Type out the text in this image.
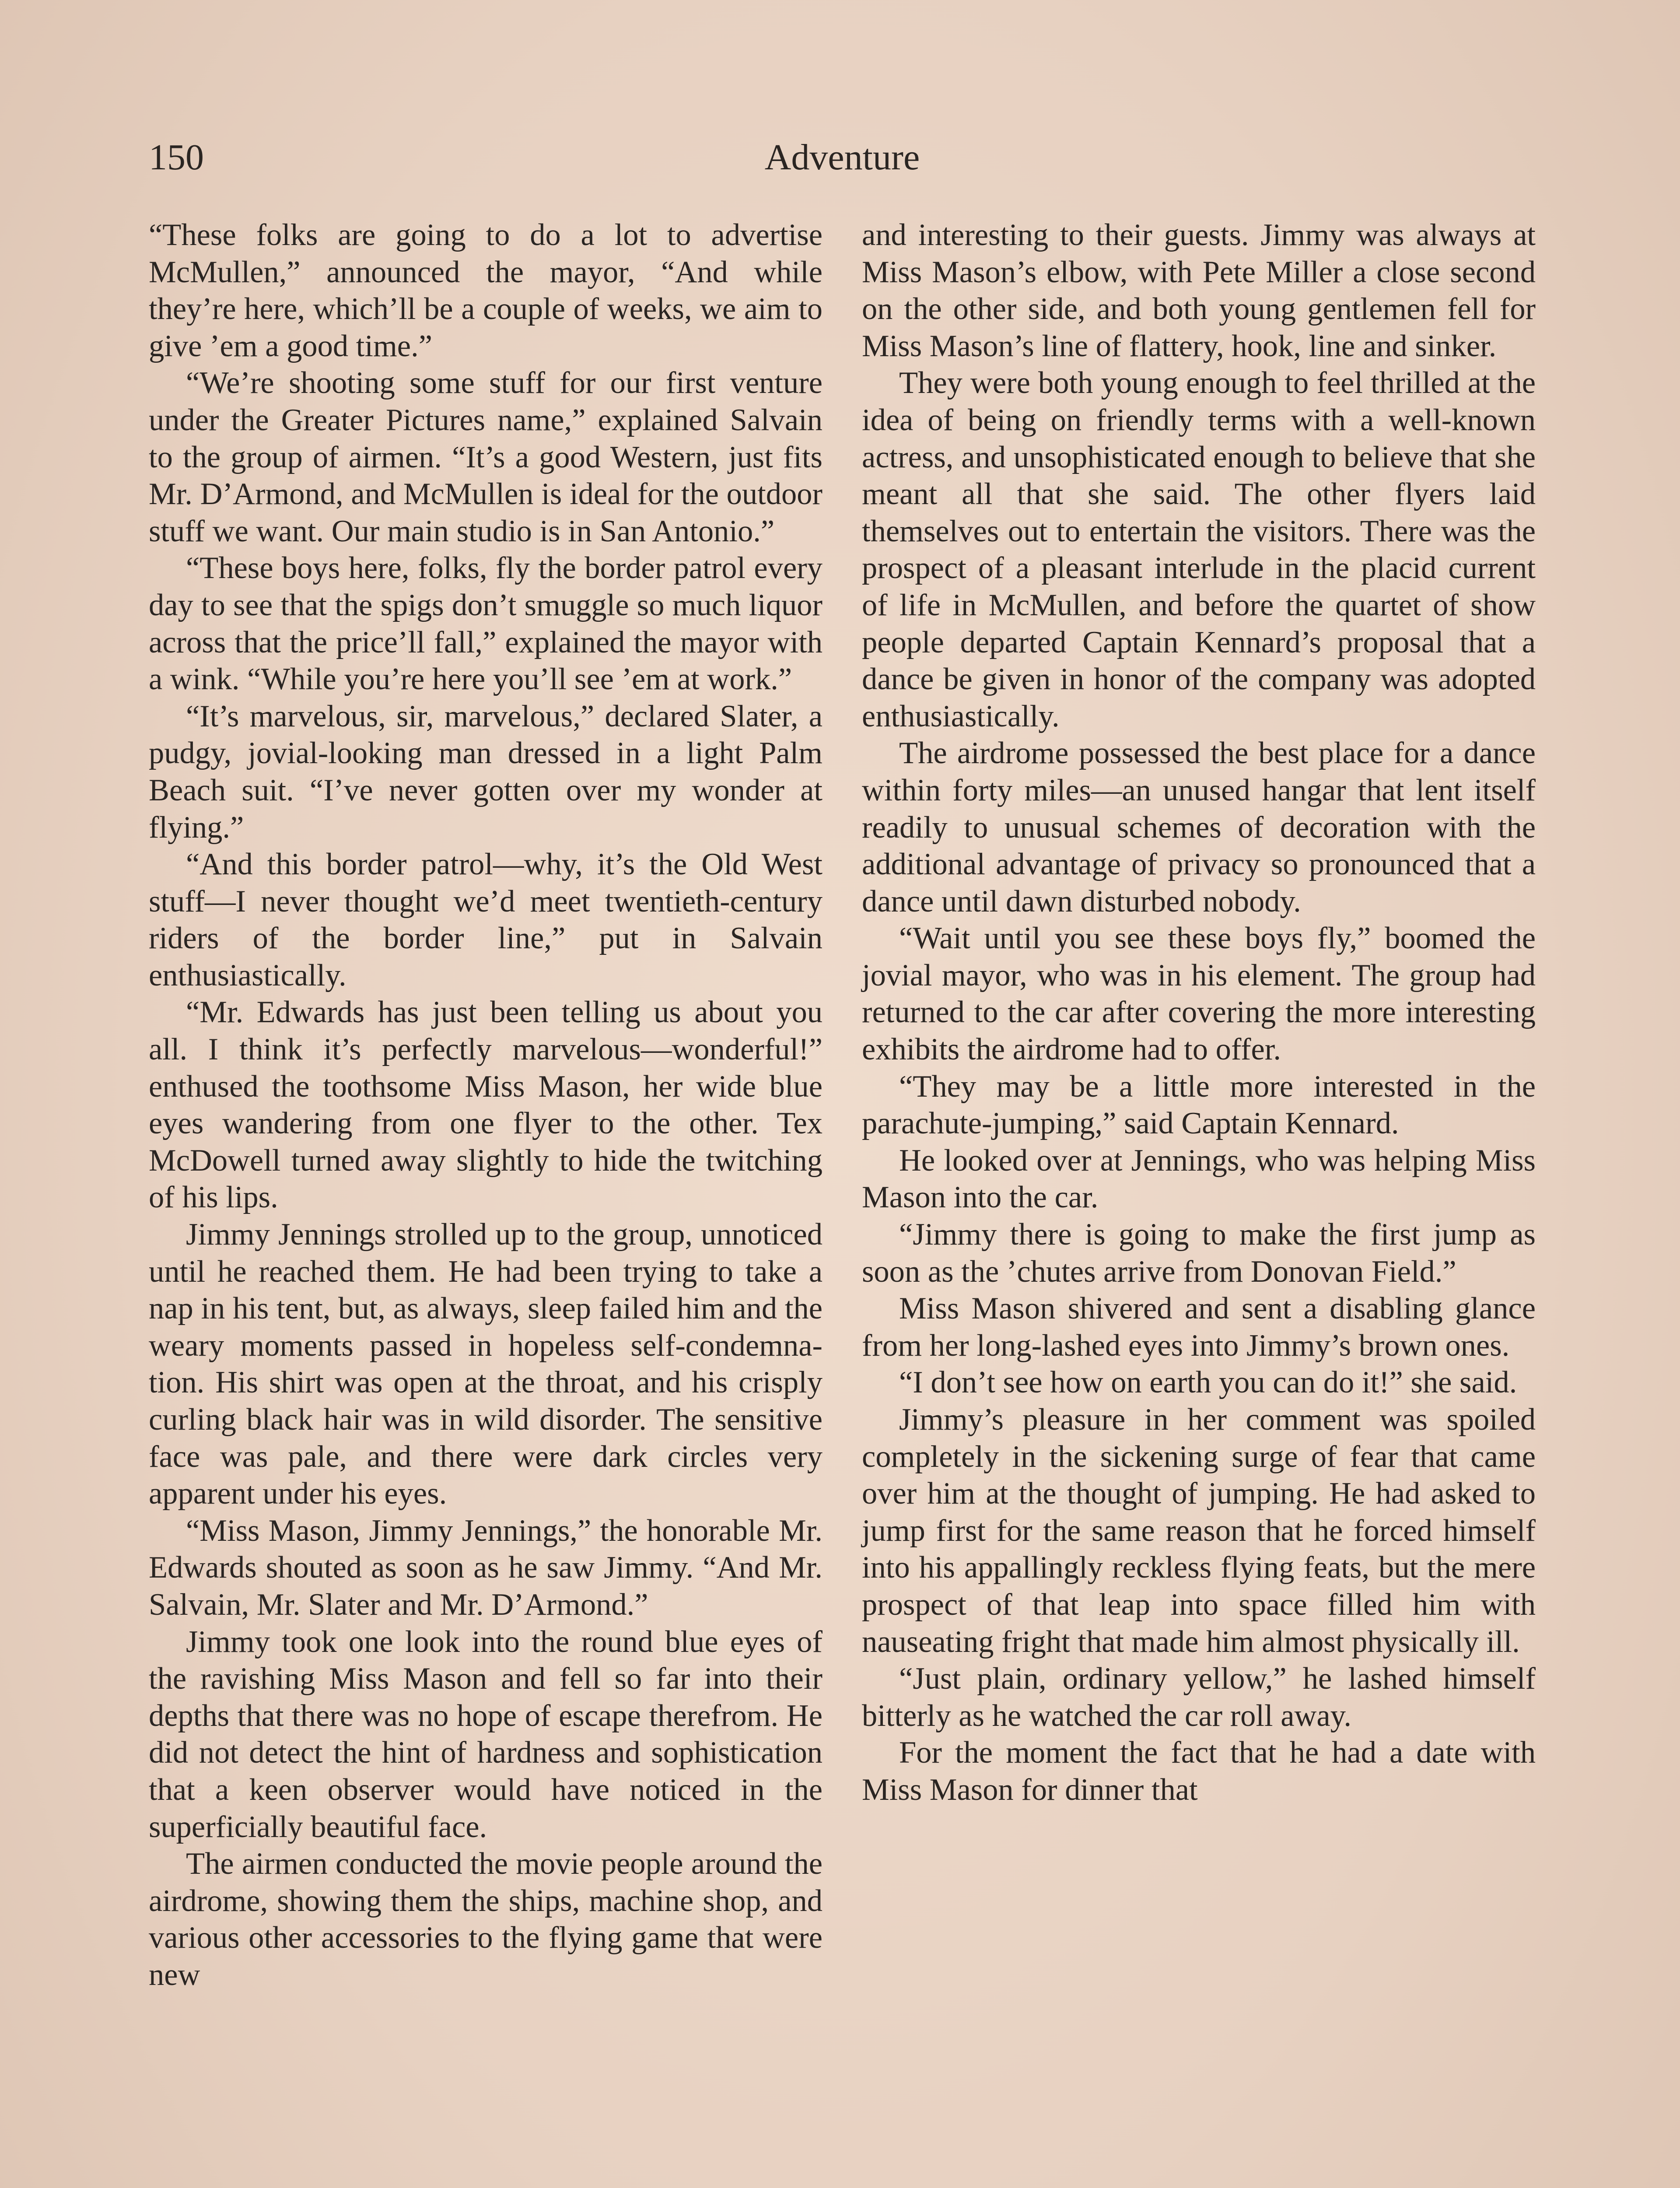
150	Adventure

“These folks are going to do a lot to advertise McMullen,” announced the mayor, “And while they’re here, which’ll be a couple of weeks, we aim to give ’em a good time.”

“We’re shooting some stuff for our first venture under the Greater Pictures name,” explained Salvain to the group of airmen. “It’s a good Western, just fits Mr. D’Armond, and McMullen is ideal for the outdoor stuff we want. Our main studio is in San Antonio.”

“These boys here, folks, fly the border patrol every day to see that the spigs don’t smuggle so much liquor across that the price’ll fall,” explained the mayor with a wink. “While you’re here you’ll see ’em at work.”

“It’s marvelous, sir, marvelous,” declared Slater, a pudgy, jovial-looking man dressed in a light Palm Beach suit. “I’ve never gotten over my wonder at flying.”

“And this border patrol—why, it’s the Old West stuff—I never thought we’d meet twentieth-century riders of the border line,” put in Salvain enthusiastically.

“Mr. Edwards has just been telling us about you all. I think it’s perfectly marvelous—wonderful!” enthused the toothsome Miss Mason, her wide blue eyes wandering from one flyer to the other. Tex McDowell turned away slightly to hide the twitching of his lips.

Jimmy Jennings strolled up to the group, unnoticed until he reached them. He had been trying to take a nap in his tent, but, as always, sleep failed him and the weary moments passed in hopeless self-condemnation. His shirt was open at the throat, and his crisply curling black hair was in wild disorder. The sensitive face was pale, and there were dark circles very apparent under his eyes.

“Miss Mason, Jimmy Jennings,” the honorable Mr. Edwards shouted as soon as he saw Jimmy. “And Mr. Salvain, Mr. Slater and Mr. D’Armond.”

Jimmy took one look into the round blue eyes of the ravishing Miss Mason and fell so far into their depths that there was no hope of escape therefrom. He did not detect the hint of hardness and sophistication that a keen observer would have noticed in the superficially beautiful face.

The airmen conducted the movie people around the airdrome, showing them the ships, machine shop, and various other accessories to the flying game that were new

and interesting to their guests. Jimmy was always at Miss Mason’s elbow, with Pete Miller a close second on the other side, and both young gentlemen fell for Miss Mason’s line of flattery, hook, line and sinker.

They were both young enough to feel thrilled at the idea of being on friendly terms with a well-known actress, and unsophisticated enough to believe that she meant all that she said. The other flyers laid themselves out to entertain the visitors. There was the prospect of a pleasant interlude in the placid current of life in McMullen, and before the quartet of show people departed Captain Kennard’s proposal that a dance be given in honor of the company was adopted enthusiastically.

The airdrome possessed the best place for a dance within forty miles—an unused hangar that lent itself readily to unusual schemes of decoration with the additional advantage of privacy so pronounced that a dance until dawn disturbed nobody.

“Wait until you see these boys fly,” boomed the jovial mayor, who was in his element. The group had returned to the car after covering the more interesting exhibits the airdrome had to offer.

“They may be a little more interested in the parachute-jumping,” said Captain Kennard.

He looked over at Jennings, who was helping Miss Mason into the car.

“Jimmy there is going to make the first jump as soon as the ’chutes arrive from Donovan Field.”

Miss Mason shivered and sent a disabling glance from her long-lashed eyes into Jimmy’s brown ones.

“I don’t see how on earth you can do it!” she said.

Jimmy’s pleasure in her comment was spoiled completely in the sickening surge of fear that came over him at the thought of jumping. He had asked to jump first for the same reason that he forced himself into his appallingly reckless flying feats, but the mere prospect of that leap into space filled him with nauseating fright that made him almost physically ill.

“Just plain, ordinary yellow,” he lashed himself bitterly as he watched the car roll away.

For the moment the fact that he had a date with Miss Mason for dinner that
